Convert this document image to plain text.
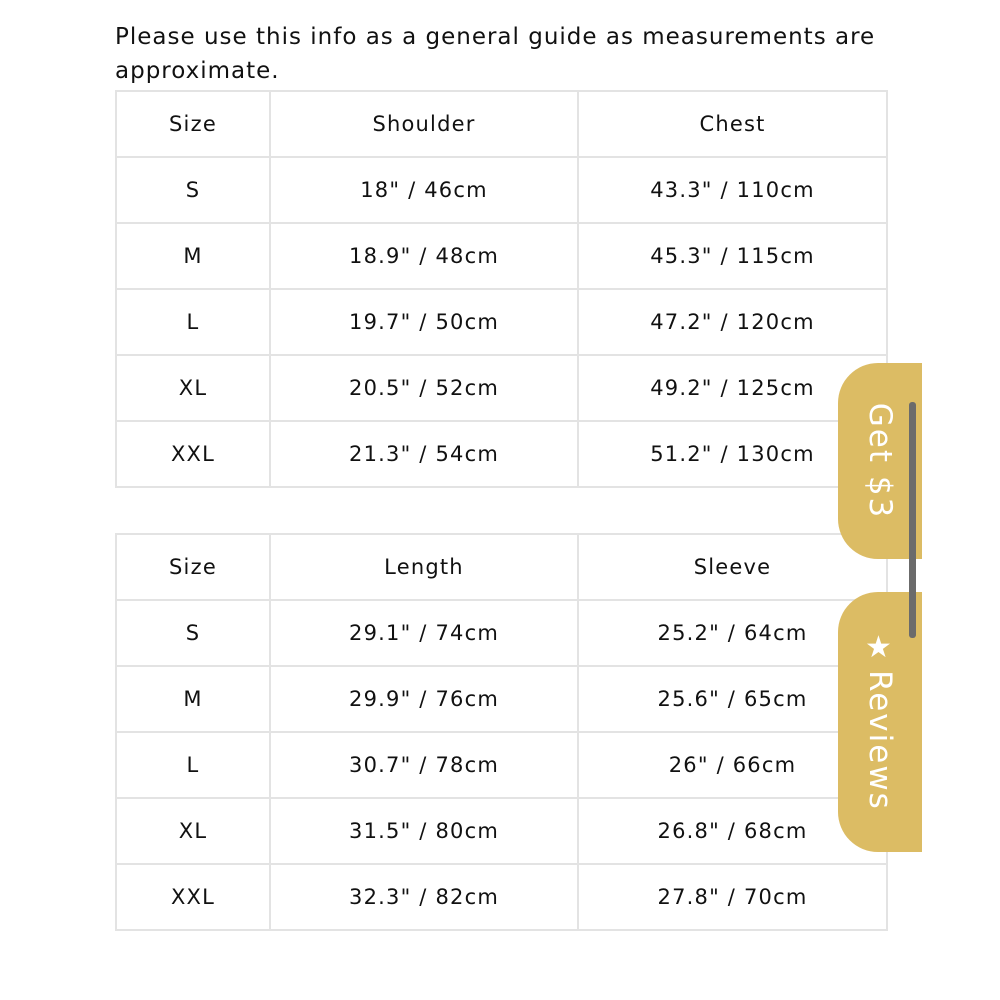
Please use this info as a general guide as measurements are approximate.

Size	Shoulder	Chest
S	18" / 46cm	43.3" / 110cm
M	18.9" / 48cm	45.3" / 115cm
L	19.7" / 50cm	47.2" / 120cm
XL	20.5" / 52cm	49.2" / 125cm
XXL	21.3" / 54cm	51.2" / 130cm
Size	Length	Sleeve
S	29.1" / 74cm	25.2" / 64cm
M	29.9" / 76cm	25.6" / 65cm
L	30.7" / 78cm	26" / 66cm
XL	31.5" / 80cm	26.8" / 68cm
XXL	32.3" / 82cm	27.8" / 70cm
Get $3
★
Reviews
